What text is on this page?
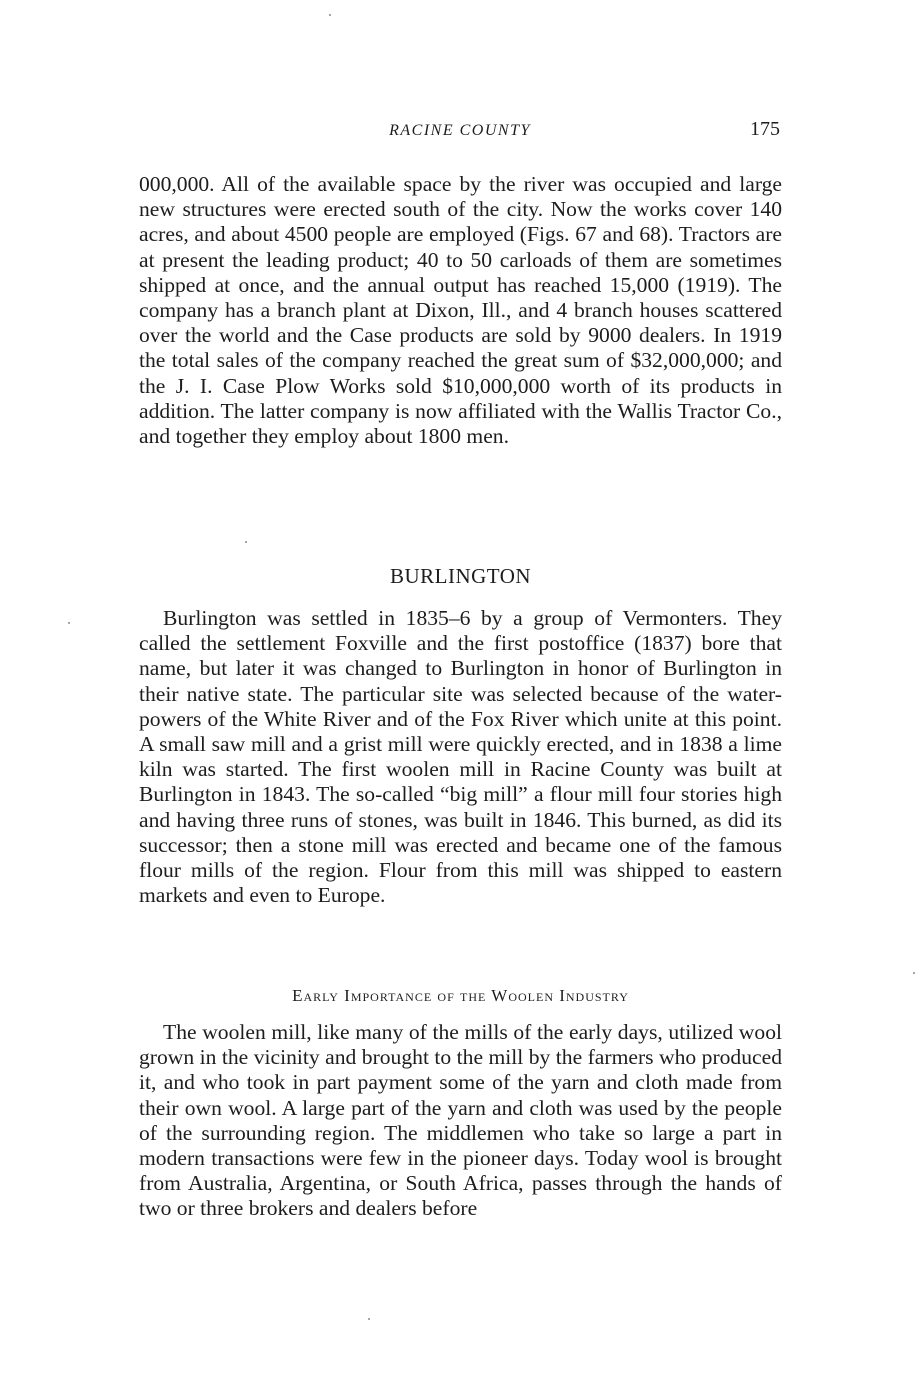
RACINE COUNTY	175

000,000. All of the available space by the river was occupied and large new structures were erected south of the city. Now the works cover 140 acres, and about 4500 people are employed (Figs. 67 and 68). Tractors are at present the leading product; 40 to 50 carloads of them are sometimes shipped at once, and the annual output has reached 15,000 (1919). The company has a branch plant at Dixon, Ill., and 4 branch houses scattered over the world and the Case products are sold by 9000 dealers. In 1919 the total sales of the company reached the great sum of $32,000,000; and the J. I. Case Plow Works sold $10,000,000 worth of its products in addition. The latter company is now affiliated with the Wallis Tractor Co., and together they employ about 1800 men.

BURLINGTON

Burlington was settled in 1835–6 by a group of Vermonters. They called the settlement Foxville and the first postoffice (1837) bore that name, but later it was changed to Burlington in honor of Burlington in their native state. The particular site was selected because of the water-powers of the White River and of the Fox River which unite at this point. A small saw mill and a grist mill were quickly erected, and in 1838 a lime kiln was started. The first woolen mill in Racine County was built at Burlington in 1843. The so-called “big mill” a flour mill four stories high and having three runs of stones, was built in 1846. This burned, as did its successor; then a stone mill was erected and became one of the famous flour mills of the region. Flour from this mill was shipped to eastern markets and even to Europe.

Early Importance of the Woolen Industry

The woolen mill, like many of the mills of the early days, utilized wool grown in the vicinity and brought to the mill by the farmers who produced it, and who took in part payment some of the yarn and cloth made from their own wool. A large part of the yarn and cloth was used by the people of the surrounding region. The middlemen who take so large a part in modern transactions were few in the pioneer days. Today wool is brought from Australia, Argentina, or South Africa, passes through the hands of two or three brokers and dealers before
